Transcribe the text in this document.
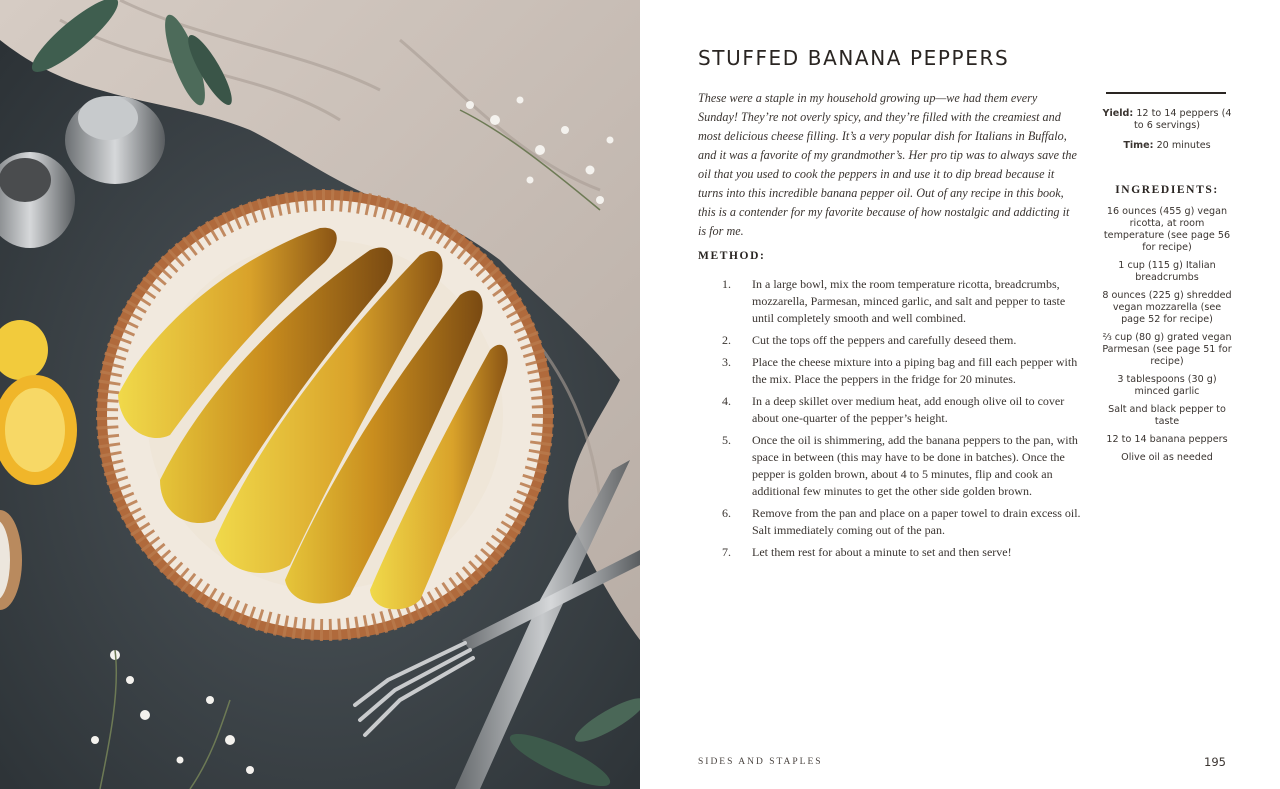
STUFFED BANANA PEPPERS

These were a staple in my household growing up—we had them every Sunday! They’re not overly spicy, and they’re filled with the creamiest and most delicious cheese filling. It’s a very popular dish for Italians in Buffalo, and it was a favorite of my grandmother’s. Her pro tip was to always save the oil that you used to cook the peppers in and use it to dip bread because it turns into this incredible banana pepper oil. Out of any recipe in this book, this is a contender for my favorite because of how nostalgic and addicting it is for me.

METHOD:
1.	In a large bowl, mix the room temperature ricotta, breadcrumbs, mozzarella, Parmesan, minced garlic, and salt and pepper to taste until completely smooth and well combined.
2.	Cut the tops off the peppers and carefully deseed them.
3.	Place the cheese mixture into a piping bag and fill each pepper with the mix. Place the peppers in the fridge for 20 minutes.
4.	In a deep skillet over medium heat, add enough olive oil to cover about one-quarter of the pepper’s height.
5.	Once the oil is shimmering, add the banana peppers to the pan, with space in between (this may have to be done in batches). Once the pepper is golden brown, about 4 to 5 minutes, flip and cook an additional few minutes to get the other side golden brown.
6.	Remove from the pan and place on a paper towel to drain excess oil. Salt immediately coming out of the pan.
7.	Let them rest for about a minute to set and then serve!

Yield: 12 to 14 peppers (4 to 6 servings)

Time: 20 minutes

INGREDIENTS:
16 ounces (455 g) vegan ricotta, at room temperature (see page 56 for recipe)
1 cup (115 g) Italian breadcrumbs
8 ounces (225 g) shredded vegan mozzarella (see page 52 for recipe)
⅔ cup (80 g) grated vegan Parmesan (see page 51 for recipe)
3 tablespoons (30 g) minced garlic
Salt and black pepper to taste
12 to 14 banana peppers
Olive oil as needed
SIDES AND STAPLES	195
